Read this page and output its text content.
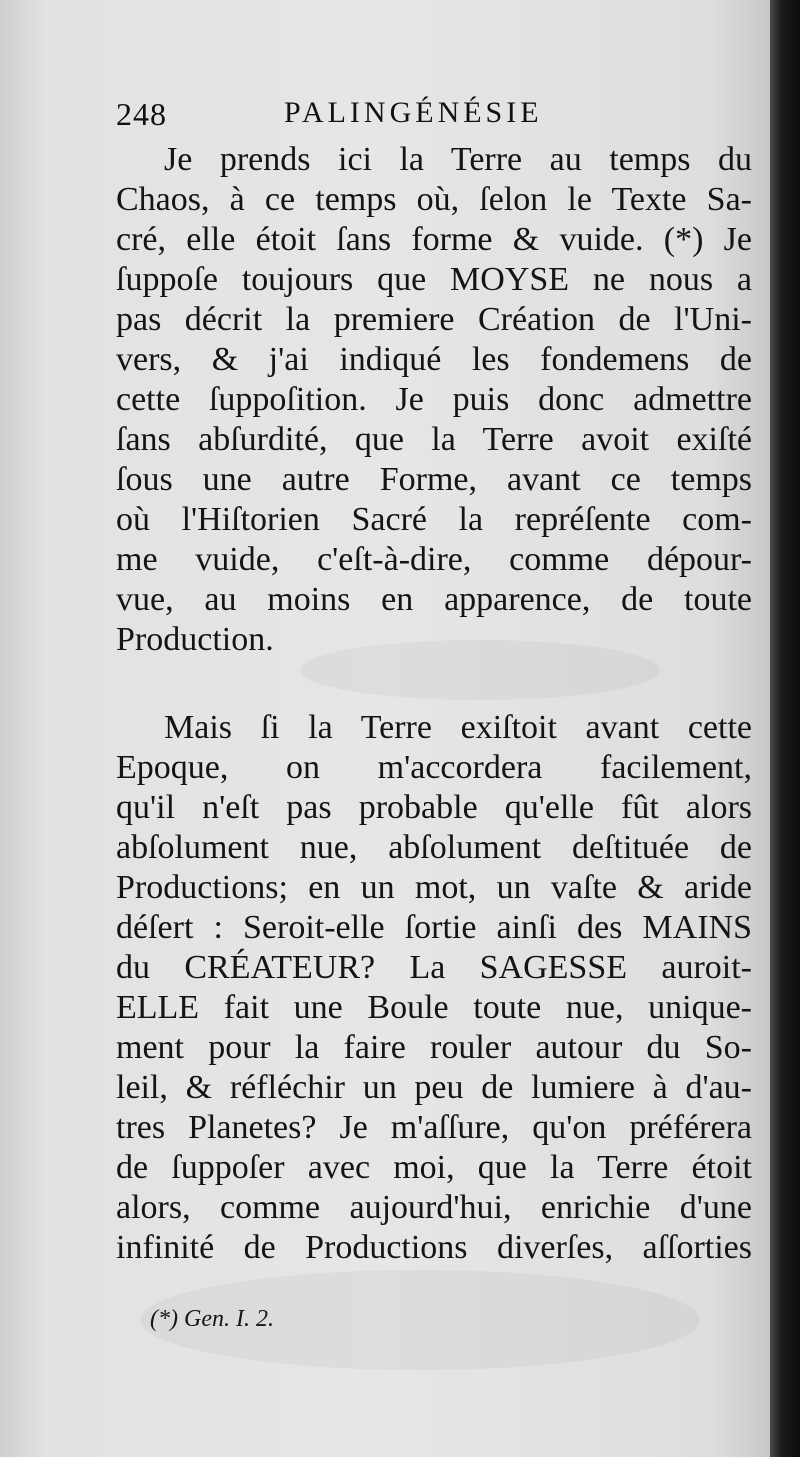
248	PALINGÉNÉSIE
Je prends ici la Terre au temps du
Chaos, à ce temps où, ſelon le Texte Sa-
cré, elle étoit ſans forme & vuide. (*) Je
ſuppoſe toujours que MOYSE ne nous a
pas décrit la premiere Création de l'Uni-
vers, & j'ai indiqué les fondemens de
cette ſuppoſition. Je puis donc admettre
ſans abſurdité, que la Terre avoit exiſté
ſous une autre Forme, avant ce temps
où l'Hiſtorien Sacré la repréſente com-
me vuide, c'eſt-à-dire, comme dépour-
vue, au moins en apparence, de toute
Production.
Mais ſi la Terre exiſtoit avant cette
Epoque, on m'accordera facilement,
qu'il n'eſt pas probable qu'elle fût alors
abſolument nue, abſolument deſtituée de
Productions; en un mot, un vaſte & aride
déſert : Seroit-elle ſortie ainſi des MAINS
du CRÉATEUR? La SAGESSE auroit-
ELLE fait une Boule toute nue, unique-
ment pour la faire rouler autour du So-
leil, & réfléchir un peu de lumiere à d'au-
tres Planetes? Je m'aſſure, qu'on préférera
de ſuppoſer avec moi, que la Terre étoit
alors, comme aujourd'hui, enrichie d'une
infinité de Productions diverſes, aſſorties
(*) Gen. I. 2.
